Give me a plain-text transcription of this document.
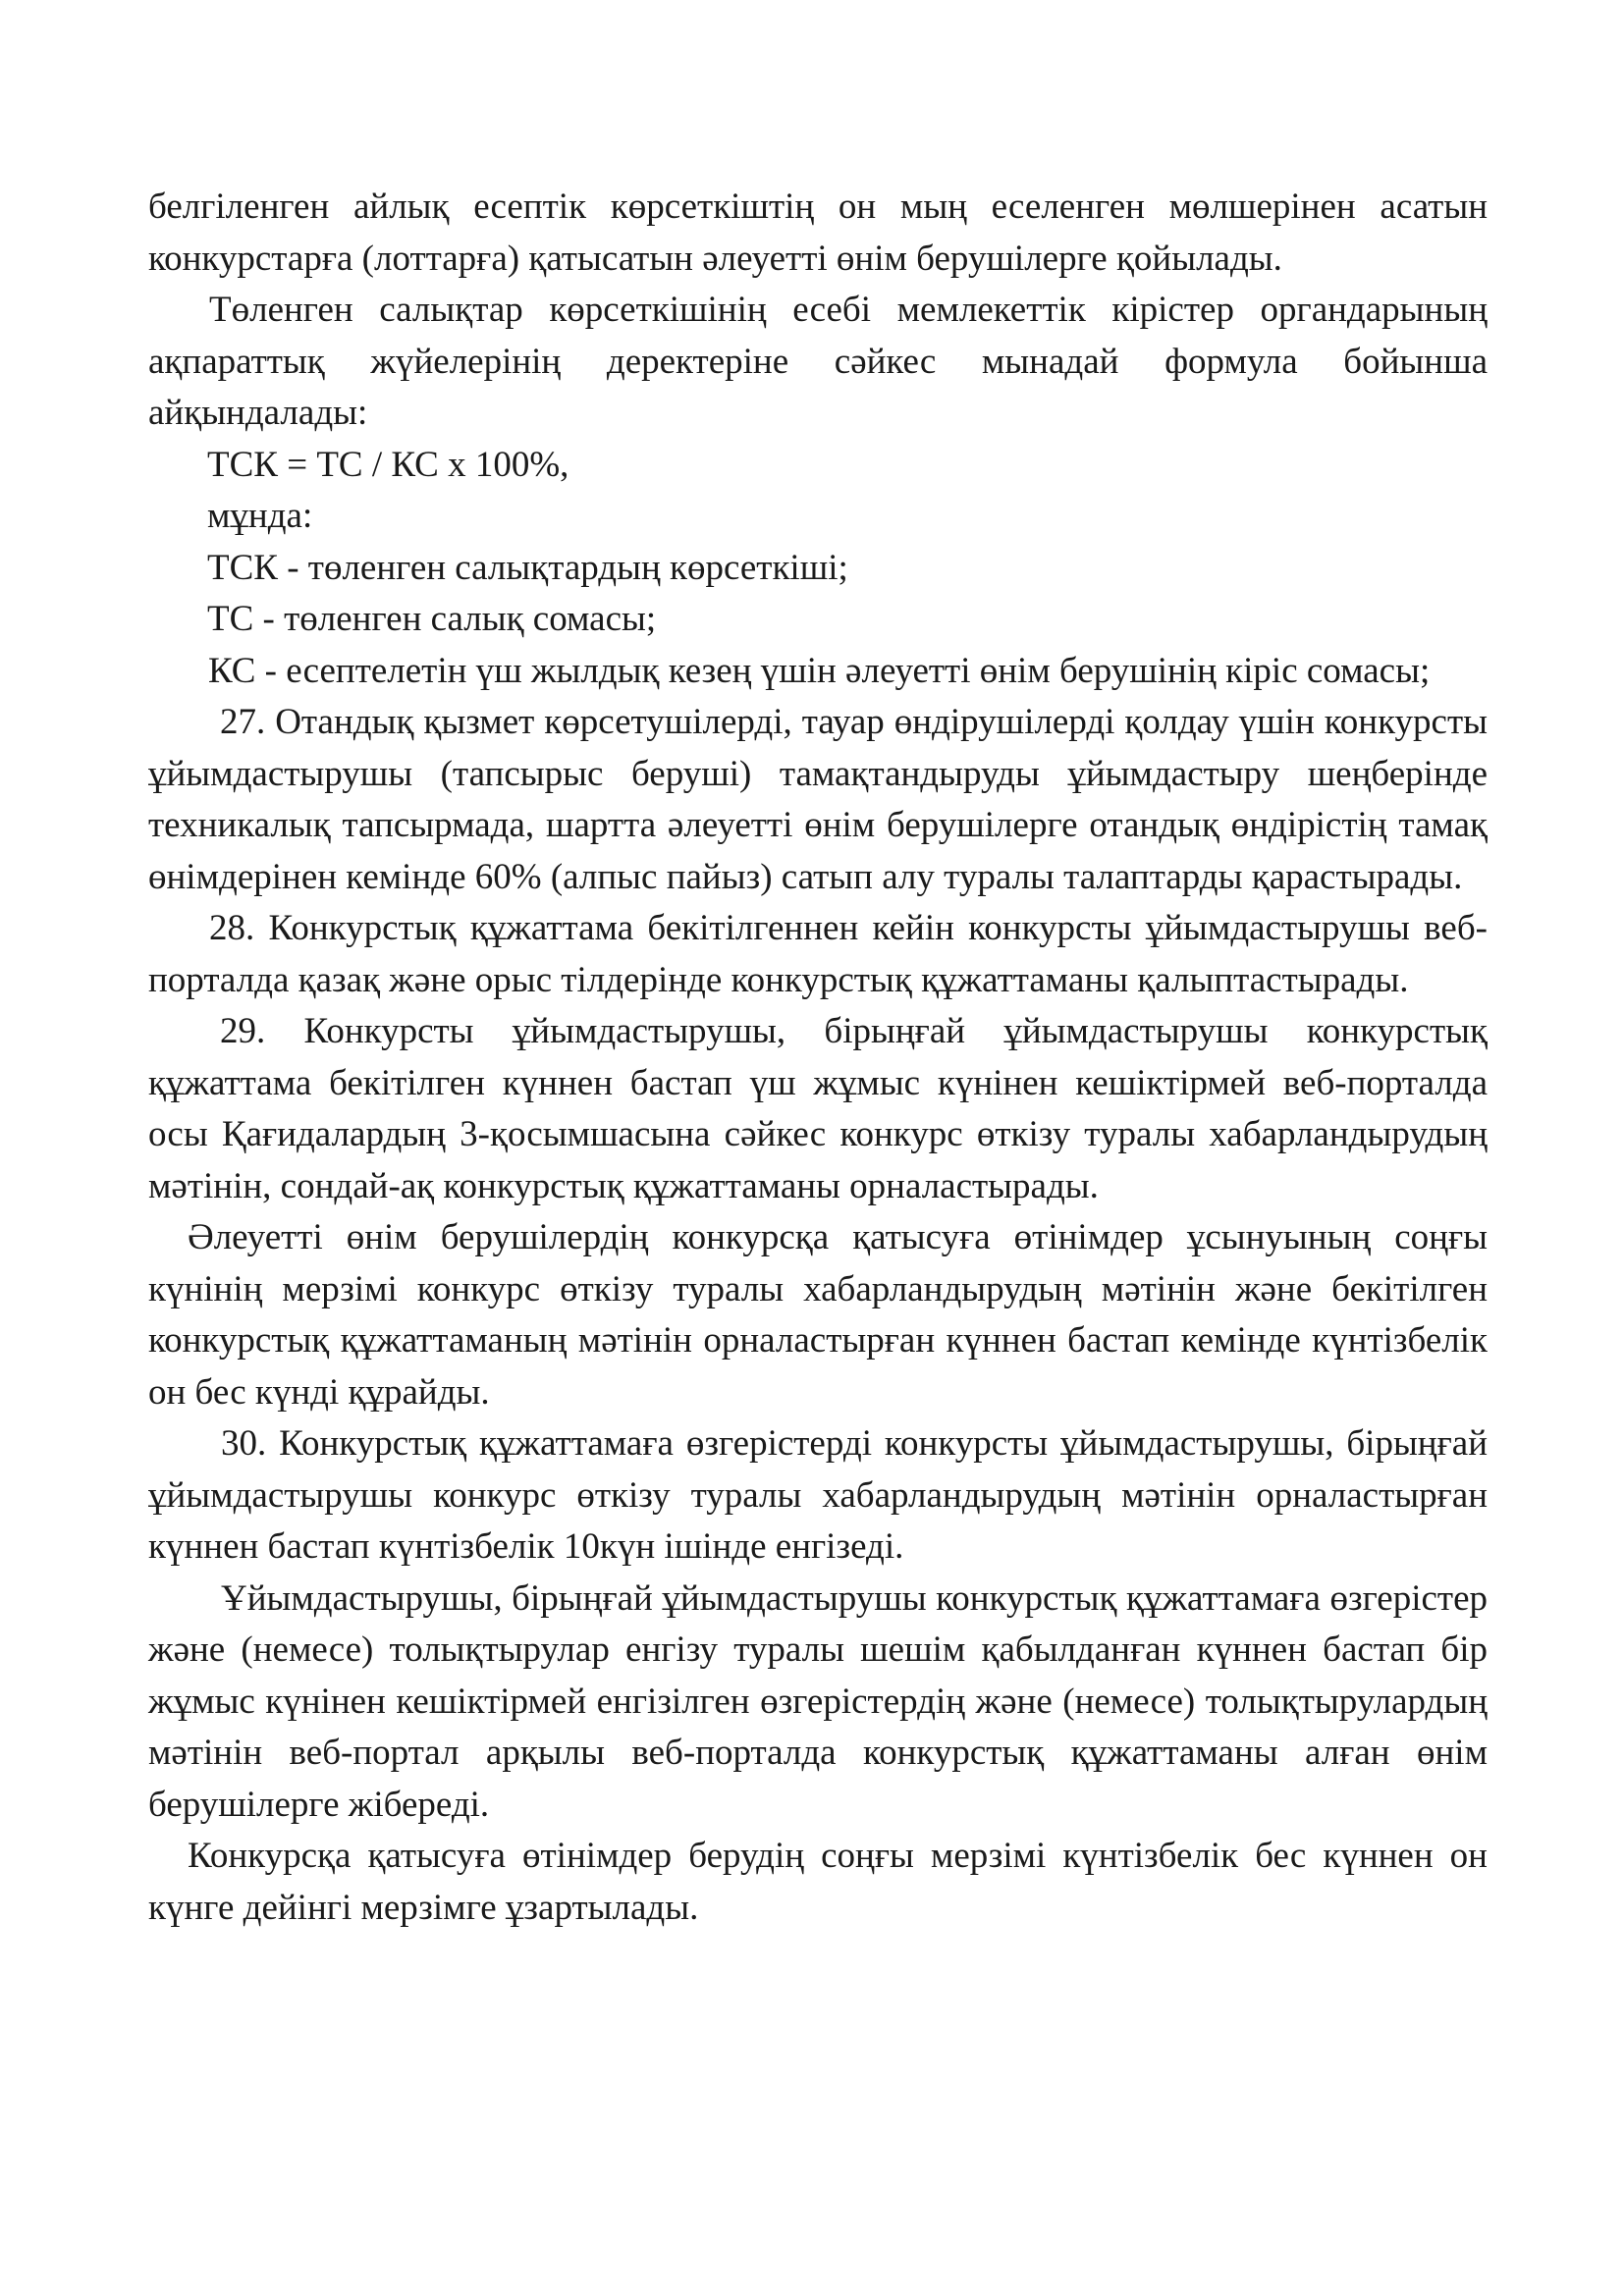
белгіленген айлық есептік көрсеткіштің он мың еселенген мөлшерінен асатын конкурстарға (лоттарға) қатысатын әлеуетті өнім берушілерге қойылады.

Төленген салықтар көрсеткішінің есебі мемлекеттік кірістер органдарының ақпараттық жүйелерінің деректеріне сәйкес мынадай формула бойынша айқындалады:

ТСК = ТС / КС х 100%,

мұнда:

ТСК - төленген салықтардың көрсеткіші;

ТС - төленген салық сомасы;

КС - есептелетін үш жылдық кезең үшін әлеуетті өнім берушінің кіріс сомасы;

27. Отандық қызмет көрсетушілерді, тауар өндірушілерді қолдау үшін конкурсты ұйымдастырушы (тапсырыс беруші) тамақтандыруды ұйымдастыру шеңберінде техникалық тапсырмада, шартта әлеуетті өнім берушілерге отандық өндірістің тамақ өнімдерінен кемінде 60% (алпыс пайыз) сатып алу туралы талаптарды қарастырады.

28. Конкурстық құжаттама бекітілгеннен кейін конкурсты ұйымдастырушы веб-порталда қазақ және орыс тілдерінде конкурстық құжаттаманы қалыптастырады.

29. Конкурсты ұйымдастырушы, бірыңғай ұйымдастырушы конкурстық құжаттама бекітілген күннен бастап үш жұмыс күнінен кешіктірмей веб-порталда осы Қағидалардың 3-қосымшасына сәйкес конкурс өткізу туралы хабарландырудың мәтінін, сондай-ақ конкурстық құжаттаманы орналастырады.

Әлеуетті өнім берушілердің конкурсқа қатысуға өтінімдер ұсынуының соңғы күнінің мерзімі конкурс өткізу туралы хабарландырудың мәтінін және бекітілген конкурстық құжаттаманың мәтінін орналастырған күннен бастап кемінде күнтізбелік он бес күнді құрайды.

30. Конкурстық құжаттамаға өзгерістерді конкурсты ұйымдастырушы, бірыңғай ұйымдастырушы конкурс өткізу туралы хабарландырудың мәтінін орналастырған күннен бастап күнтізбелік 10күн ішінде енгізеді.

Ұйымдастырушы, бірыңғай ұйымдастырушы конкурстық құжаттамаға өзгерістер және (немесе) толықтырулар енгізу туралы шешім қабылданған күннен бастап бір жұмыс күнінен кешіктірмей енгізілген өзгерістердің және (немесе) толықтырулардың мәтінін веб-портал арқылы веб-порталда конкурстық құжаттаманы алған өнім берушілерге жібереді.

Конкурсқа қатысуға өтінімдер берудің соңғы мерзімі күнтізбелік бес күннен он күнге дейінгі мерзімге ұзартылады.
